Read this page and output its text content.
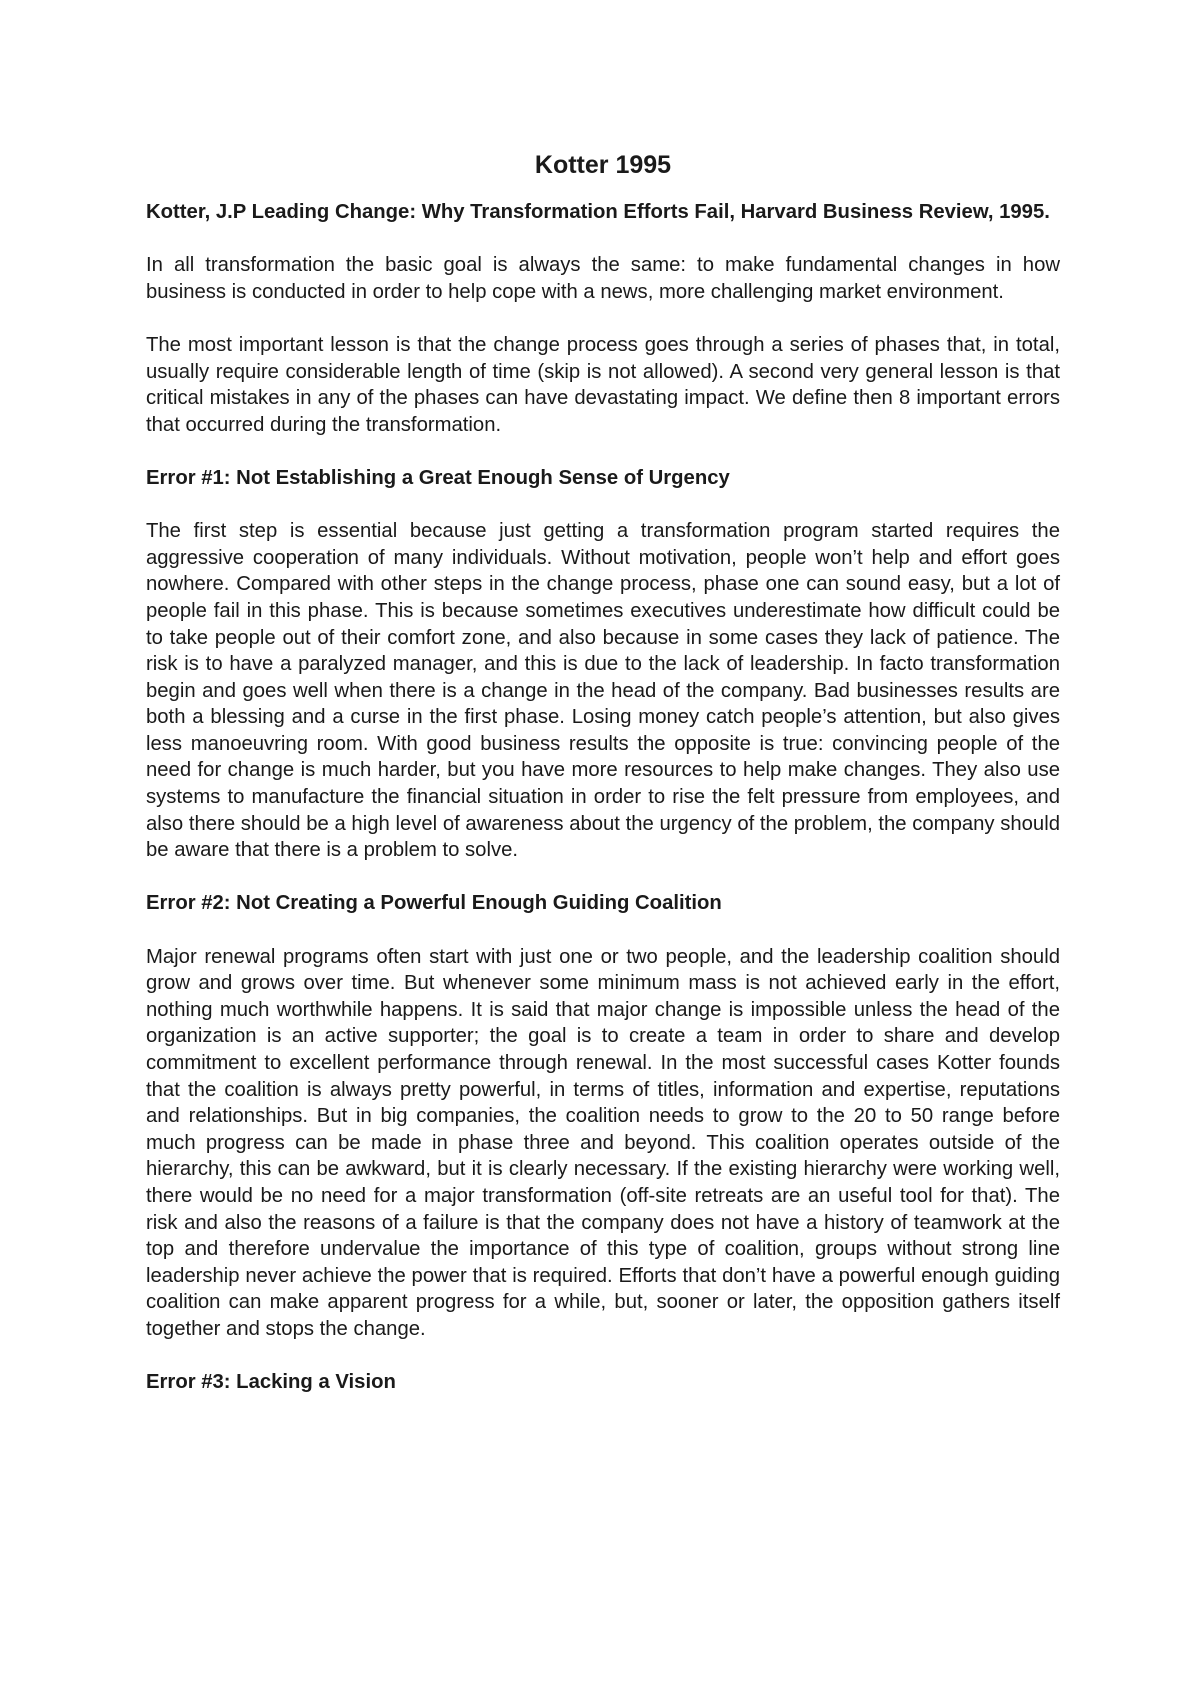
Kotter 1995

Kotter, J.P Leading Change: Why Transformation Efforts Fail, Harvard Business Review, 1995.

In all transformation the basic goal is always the same: to make fundamental changes in how business is conducted in order to help cope with a news, more challenging market environment.

The most important lesson is that the change process goes through a series of phases that, in total, usually require considerable length of time (skip is not allowed). A second very general lesson is that critical mistakes in any of the phases can have devastating impact. We define then 8 important errors that occurred during the transformation.

Error #1: Not Establishing a Great Enough Sense of Urgency

The first step is essential because just getting a transformation program started requires the aggressive cooperation of many individuals. Without motivation, people won’t help and effort goes nowhere. Compared with other steps in the change process, phase one can sound easy, but a lot of people fail in this phase. This is because sometimes executives underestimate how difficult could be to take people out of their comfort zone, and also because in some cases they lack of patience. The risk is to have a paralyzed manager, and this is due to the lack of leadership. In facto transformation begin and goes well when there is a change in the head of the company. Bad businesses results are both a blessing and a curse in the first phase. Losing money catch people’s attention, but also gives less manoeuvring room. With good business results the opposite is true: convincing people of the need for change is much harder, but you have more resources to help make changes. They also use systems to manufacture the financial situation in order to rise the felt pressure from employees, and also there should be a high level of awareness about the urgency of the problem, the company should be aware that there is a problem to solve.

Error #2: Not Creating a Powerful Enough Guiding Coalition

Major renewal programs often start with just one or two people, and the leadership coalition should grow and grows over time. But whenever some minimum mass is not achieved early in the effort, nothing much worthwhile happens. It is said that major change is impossible unless the head of the organization is an active supporter; the goal is to create a team in order to share and develop commitment to excellent performance through renewal. In the most successful cases Kotter founds that the coalition is always pretty powerful, in terms of titles, information and expertise, reputations and relationships. But in big companies, the coalition needs to grow to the 20 to 50 range before much progress can be made in phase three and beyond. This coalition operates outside of the hierarchy, this can be awkward, but it is clearly necessary. If the existing hierarchy were working well, there would be no need for a major transformation (off-site retreats are an useful tool for that). The risk and also the reasons of a failure is that the company does not have a history of teamwork at the top and therefore undervalue the importance of this type of coalition, groups without strong line leadership never achieve the power that is required. Efforts that don’t have a powerful enough guiding coalition can make apparent progress for a while, but, sooner or later, the opposition gathers itself together and stops the change.

Error #3: Lacking a Vision
